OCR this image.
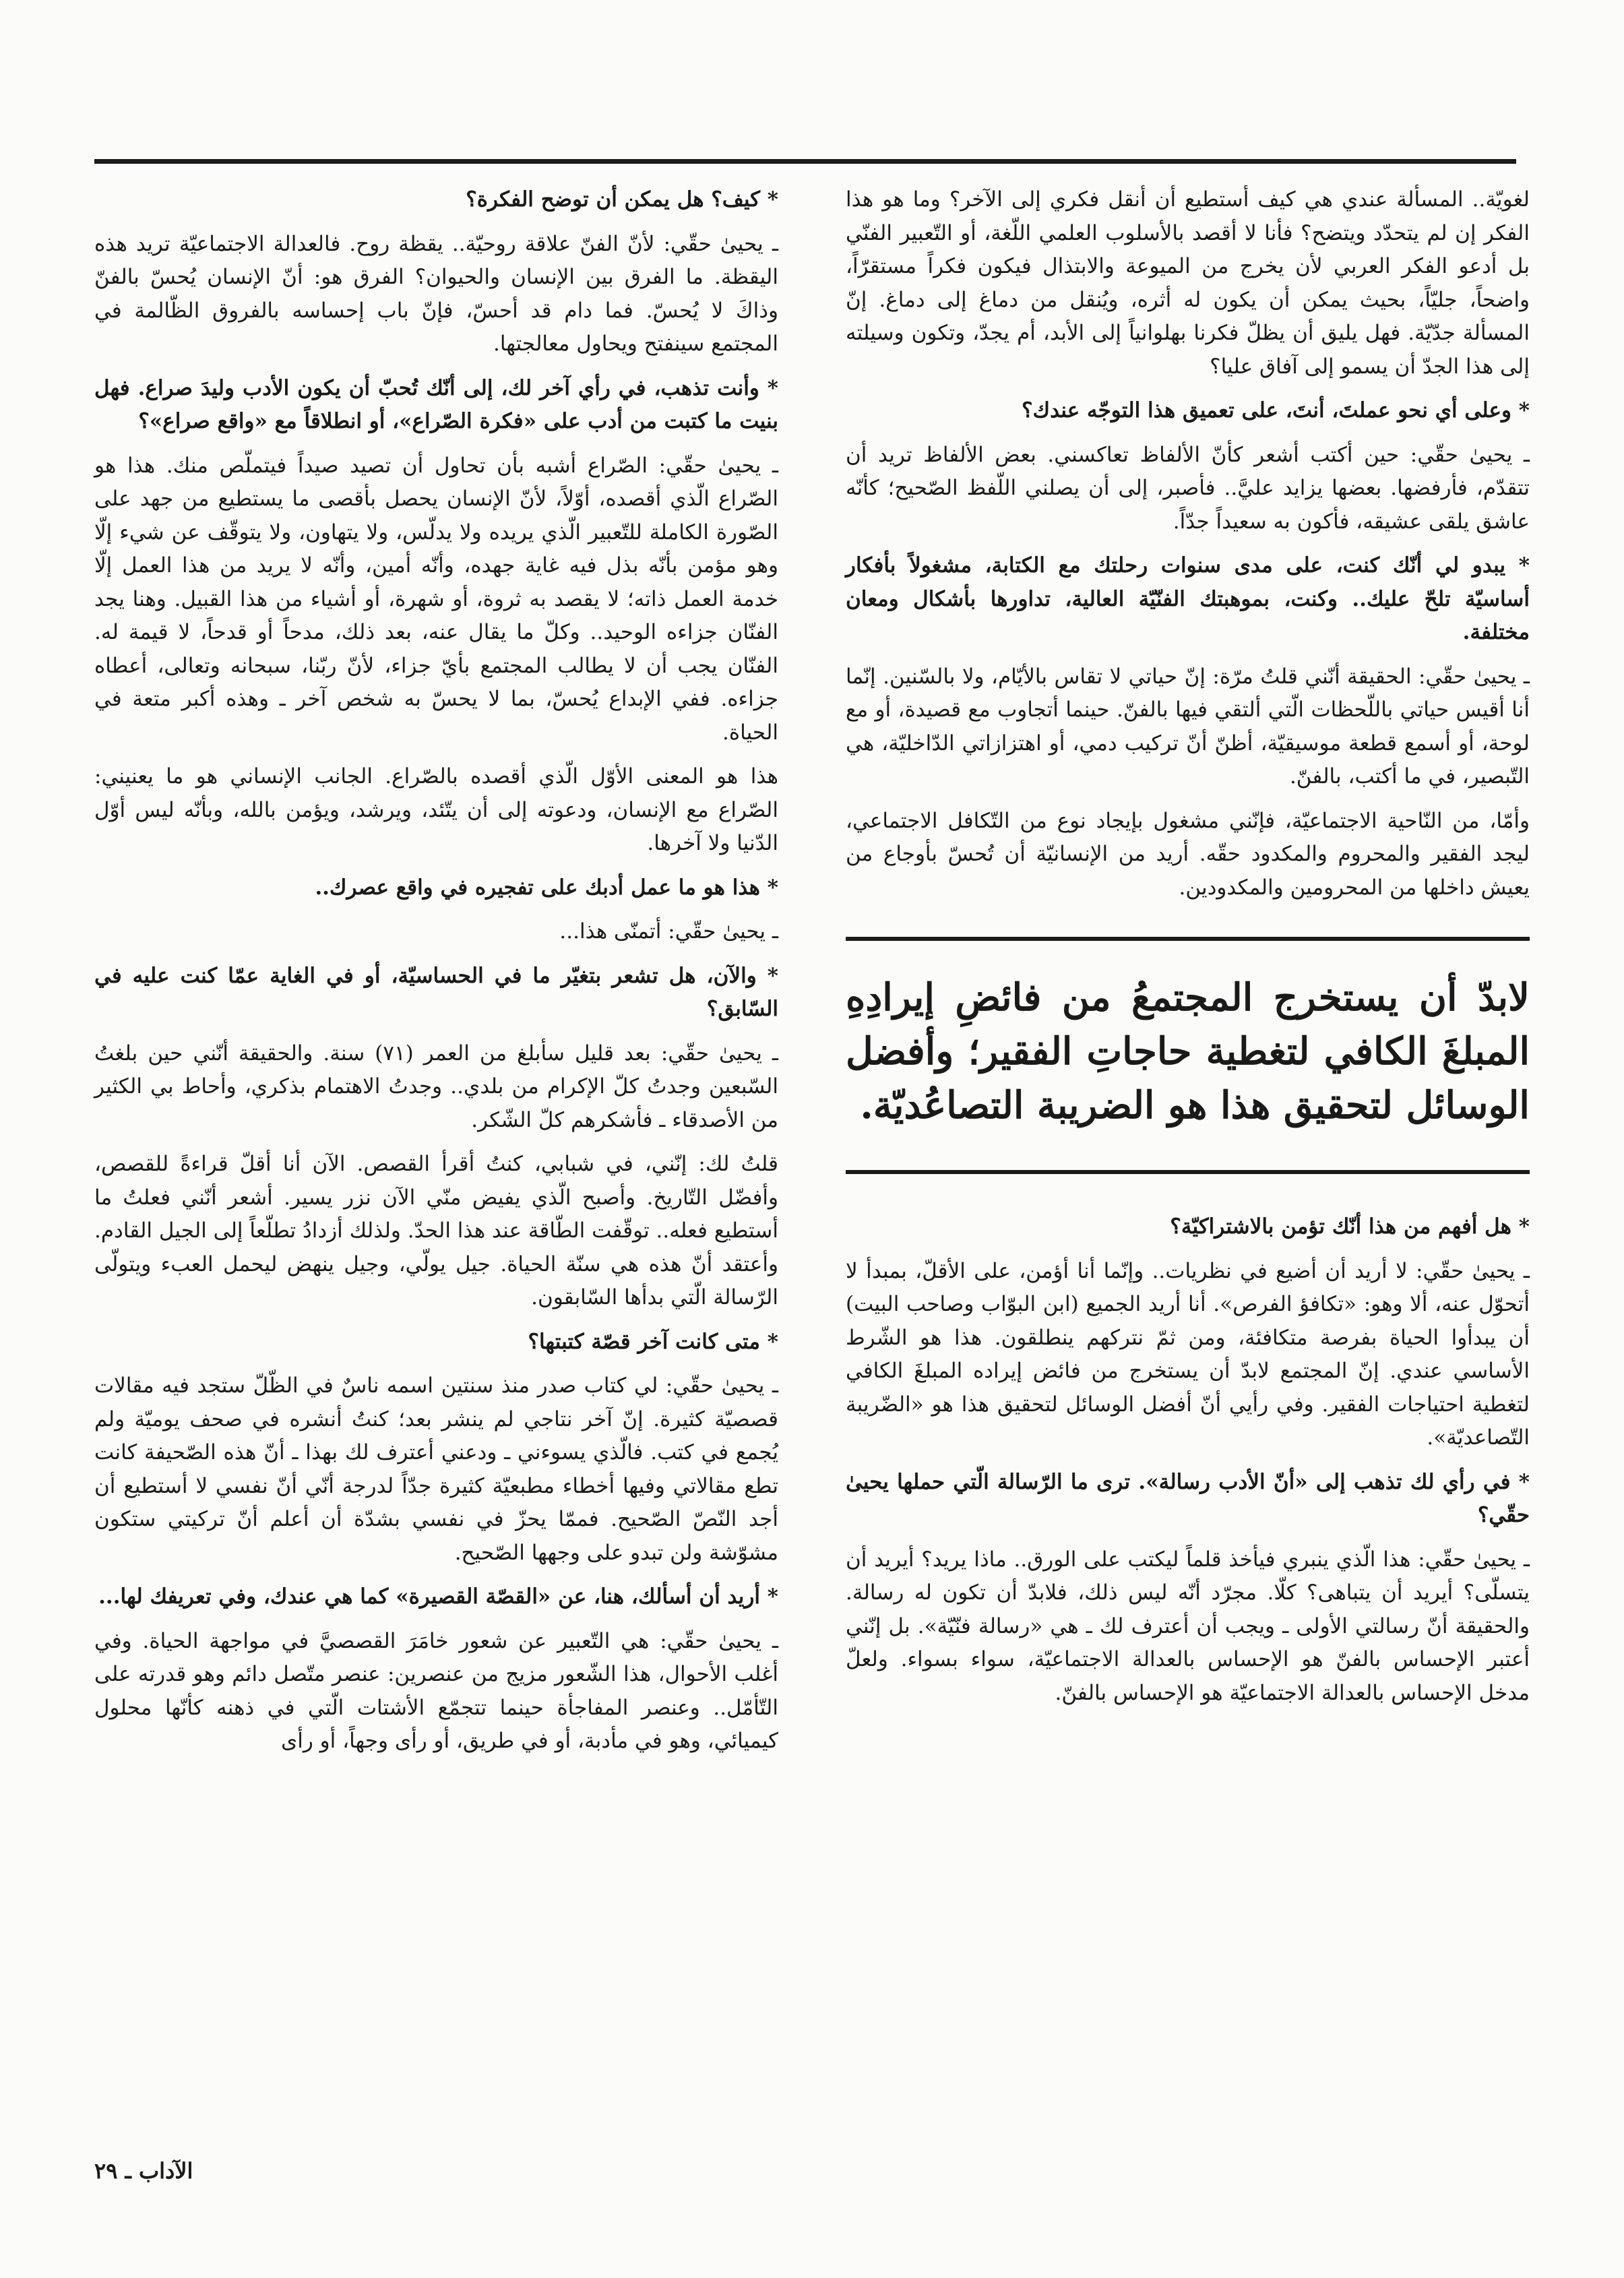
لغويّة.. المسألة عندي هي كيف أستطيع أن أنقل فكري إلى الآخر؟ وما هو هذا الفكر إن لم يتحدّد ويتضح؟ فأنا لا أقصد بالأسلوب العلمي اللّغة، أو التّعبير الفنّي بل أدعو الفكر العربي لأن يخرج من الميوعة والابتذال فيكون فكراً مستقرّاً، واضحاً، جليّاً، بحيث يمكن أن يكون له أثره، ويُنقل من دماغ إلى دماغ. إنّ المسألة جدّيّة. فهل يليق أن يظلّ فكرنا بهلوانياً إلى الأبد، أم يجدّ، وتكون وسيلته إلى هذا الجدّ أن يسمو إلى آفاق عليا؟

* وعلى أي نحو عملتَ، أنتَ، على تعميق هذا التوجّه عندك؟

ـ يحيىٰ حقّي: حين أكتب أشعر كأنّ الألفاظ تعاكسني. بعض الألفاظ تريد أن تتقدّم، فأرفضها. بعضها يزايد عليَّ.. فأصبر، إلى أن يصلني اللّفظ الصّحيح؛ كأنّه عاشق يلقى عشيقه، فأكون به سعيداً جدّاً.

* يبدو لي أنّك كنت، على مدى سنوات رحلتك مع الكتابة، مشغولاً بأفكار أساسيّة تلحّ عليك.. وكنت، بموهبتك الفنّيّة العالية، تداورها بأشكال ومعان مختلفة.

ـ يحيىٰ حقّي: الحقيقة أنّني قلتُ مرّة: إنّ حياتي لا تقاس بالأيّام، ولا بالسّنين. إنّما أنا أقيس حياتي باللّحظات الّتي ألتقي فيها بالفنّ. حينما أتجاوب مع قصيدة، أو مع لوحة، أو أسمع قطعة موسيقيّة، أظنّ أنّ تركيب دمي، أو اهتزازاتي الدّاخليّة، هي التّبصير، في ما أكتب، بالفنّ.

وأمّا، من النّاحية الاجتماعيّة، فإنّني مشغول بإيجاد نوع من التّكافل الاجتماعي، ليجد الفقير والمحروم والمكدود حقّه. أريد من الإنسانيّة أن تُحسّ بأوجاع من يعيش داخلها من المحرومين والمكدودين.

لابدّ أن يستخرج المجتمعُ من فائضِ إيرادِهِ المبلغَ الكافي لتغطية حاجاتِ الفقير؛ وأفضل الوسائل لتحقيق هذا هو الضريبة التصاعُديّة.

* هل أفهم من هذا أنّك تؤمن بالاشتراكيّة؟

ـ يحيىٰ حقّي: لا أريد أن أضيع في نظريات.. وإنّما أنا أؤمن، على الأقلّ، بمبدأ لا أتحوّل عنه، ألا وهو: «تكافؤ الفرص». أنا أريد الجميع (ابن البوّاب وصاحب البيت) أن يبدأوا الحياة بفرصة متكافئة، ومن ثمّ نتركهم ينطلقون. هذا هو الشّرط الأساسي عندي. إنّ المجتمع لابدّ أن يستخرج من فائض إيراده المبلغَ الكافي لتغطية احتياجات الفقير. وفي رأيي أنّ أفضل الوسائل لتحقيق هذا هو «الضّريبة التّصاعديّة».

* في رأي لك تذهب إلى «أنّ الأدب رسالة». ترى ما الرّسالة الّتي حملها يحيىٰ حقّي؟

ـ يحيىٰ حقّي: هذا الّذي ينبري فيأخذ قلماً ليكتب على الورق.. ماذا يريد؟ أيريد أن يتسلّى؟ أيريد أن يتباهى؟ كلّا. مجرّد أنّه ليس ذلك، فلابدّ أن تكون له رسالة. والحقيقة أنّ رسالتي الأولى ـ ويجب أن أعترف لك ـ هي «رسالة فنّيّة». بل إنّني أعتبر الإحساس بالفنّ هو الإحساس بالعدالة الاجتماعيّة، سواء بسواء. ولعلّ مدخل الإحساس بالعدالة الاجتماعيّة هو الإحساس بالفنّ.

* كيف؟ هل يمكن أن توضح الفكرة؟

ـ يحيىٰ حقّي: لأنّ الفنّ علاقة روحيّة.. يقظة روح. فالعدالة الاجتماعيّة تريد هذه اليقظة. ما الفرق بين الإنسان والحيوان؟ الفرق هو: أنّ الإنسان يُحسّ بالفنّ وذاكَ لا يُحسّ. فما دام قد أحسّ، فإنّ باب إحساسه بالفروق الظّالمة في المجتمع سينفتح ويحاول معالجتها.

* وأنت تذهب، في رأي آخر لك، إلى أنّك تُحبّ أن يكون الأدب وليدَ صراع. فهل بنيت ما كتبت من أدب على «فكرة الصّراع»، أو انطلاقاً مع «واقع صراع»؟

ـ يحيىٰ حقّي: الصّراع أشبه بأن تحاول أن تصيد صيداً فيتملّص منك. هذا هو الصّراع الّذي أقصده، أوّلاً، لأنّ الإنسان يحصل بأقصى ما يستطيع من جهد على الصّورة الكاملة للتّعبير الّذي يريده ولا يدلّس، ولا يتهاون، ولا يتوقّف عن شيء إلّا وهو مؤمن بأنّه بذل فيه غاية جهده، وأنّه أمين، وأنّه لا يريد من هذا العمل إلّا خدمة العمل ذاته؛ لا يقصد به ثروة، أو شهرة، أو أشياء من هذا القبيل. وهنا يجد الفنّان جزاءه الوحيد.. وكلّ ما يقال عنه، بعد ذلك، مدحاً أو قدحاً، لا قيمة له. الفنّان يجب أن لا يطالب المجتمع بأيّ جزاء، لأنّ ربّنا، سبحانه وتعالى، أعطاه جزاءه. ففي الإبداع يُحسّ، بما لا يحسّ به شخص آخر ـ وهذه أكبر متعة في الحياة.

هذا هو المعنى الأوّل الّذي أقصده بالصّراع. الجانب الإنساني هو ما يعنيني: الصّراع مع الإنسان، ودعوته إلى أن يتّئد، ويرشد، ويؤمن بالله، وبأنّه ليس أوّل الدّنيا ولا آخرها.

* هذا هو ما عمل أدبك على تفجيره في واقع عصرك..

ـ يحيىٰ حقّي: أتمنّى هذا...

* والآن، هل تشعر بتغيّر ما في الحساسيّة، أو في الغاية عمّا كنت عليه في السّابق؟

ـ يحيىٰ حقّي: بعد قليل سأبلغ من العمر (٧١) سنة. والحقيقة أنّني حين بلغتُ السّبعين وجدتُ كلّ الإكرام من بلدي.. وجدتُ الاهتمام بذكري، وأحاط بي الكثير من الأصدقاء ـ فأشكرهم كلّ الشّكر.

قلتُ لك: إنّني، في شبابي، كنتُ أقرأ القصص. الآن أنا أقلّ قراءةً للقصص، وأفضّل التّاريخ. وأصبح الّذي يفيض منّي الآن نزر يسير. أشعر أنّني فعلتُ ما أستطيع فعله.. توقّفت الطّاقة عند هذا الحدّ. ولذلك أزدادُ تطلّعاً إلى الجيل القادم. وأعتقد أنّ هذه هي سنّة الحياة. جيل يولّي، وجيل ينهض ليحمل العبء ويتولّى الرّسالة الّتي بدأها السّابقون.

* متى كانت آخر قصّة كتبتها؟

ـ يحيىٰ حقّي: لي كتاب صدر منذ سنتين اسمه ناسٌ في الظّلّ ستجد فيه مقالات قصصيّة كثيرة. إنّ آخر نتاجي لم ينشر بعد؛ كنتُ أنشره في صحف يوميّة ولم يُجمع في كتب. فالّذي يسوءني ـ ودعني أعترف لك بهذا ـ أنّ هذه الصّحيفة كانت تطع مقالاتي وفيها أخطاء مطبعيّة كثيرة جدّاً لدرجة أنّي أنّ نفسي لا أستطيع أن أجد النّصّ الصّحيح. فممّا يحزّ في نفسي بشدّة أن أعلم أنّ تركيتي ستكون مشوّشة ولن تبدو على وجهها الصّحيح.

* أريد أن أسألك، هنا، عن «القصّة القصيرة» كما هي عندك، وفي تعريفك لها...

ـ يحيىٰ حقّي: هي التّعبير عن شعور خامَرَ القصصيَّ في مواجهة الحياة. وفي أغلب الأحوال، هذا الشّعور مزيج من عنصرين: عنصر متّصل دائم وهو قدرته على التّأمّل.. وعنصر المفاجأة حينما تتجمّع الأشتات الّتي في ذهنه كأنّها محلول كيميائي، وهو في مأدبة، أو في طريق، أو رأى وجهاً، أو رأى

الآداب ـ ٢٩
